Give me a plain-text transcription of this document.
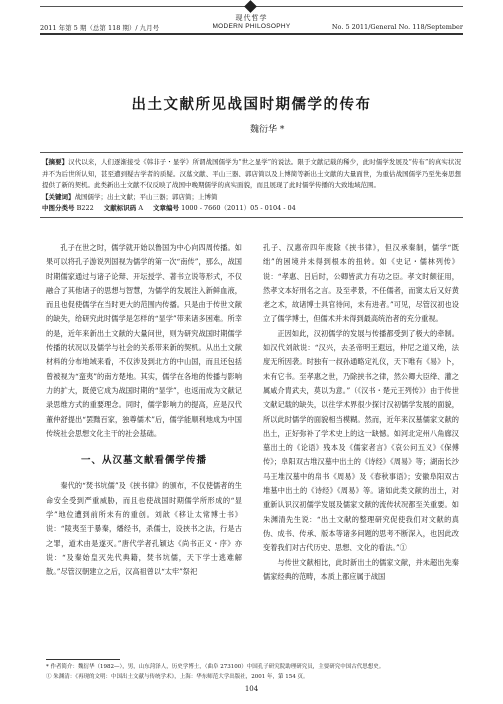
现代哲学
2011 年第 5 期（总第 118 期）/ 九月号	MODERN PHILOSOPHY	No. 5 2011/General No. 118/September
出土文献所见战国时期儒学的传布
魏衍华 *

【摘要】汉代以来，人们逐渐接受《韩非子・显学》所谓战国儒学为“世之显学”的说法。限于文献记载的稀少，此时儒学发展及“传布”的真实状况并不为后世所认知，甚至遭到疑古学者的质疑。汉墓文献、平山三器、郭店简以及上博简等新出土文献的大量面世，为重估战国儒学乃至先秦思想提供了新的契机。此类新出土文献不仅反映了战国中晚期儒学的真实面貌，而且展现了此时儒学传播的大致地域范围。

【关键词】战国儒学；出土文献；平山三器；郭店简；上博简

中图分类号 B222 文献标识码 A 文章编号 1000 - 7660（2011）05 - 0104 - 04

孔子在世之时，儒学就开始以鲁国为中心向四周传播。如果可以将孔子游说列国视为儒学的第一次“南传”，那么，战国时期儒家通过与诸子论辩、开坛授学、著书立说等形式，不仅融合了其他诸子的思想与智慧，为儒学的发展注入新鲜血液，而且也促使儒学在当时更大的范围内传播。只是由于传世文献的缺失，给研究此时儒学是怎样的“显学”带来诸多困难。所幸的是，近年来新出土文献的大量问世，则为研究战国时期儒学传播的状况以及儒学与社会的关系带来新的契机。从出土文献材料的分布地域来看，不仅涉及到北方的中山国，而且还包括曾被视为“蛮夷”的南方楚地。其实，儒学在各地的传播与影响力的扩大，既使它成为战国时期的“显学”，也返而成为文献记录思维方式的重要理念。同时，儒学影响力的提高，应是汉代董仲舒提出“罢黜百家，独尊儒术”后，儒学能顺利地成为中国传统社会思想文化主干的社会基础。

一、从汉墓文献看儒学传播

秦代的“焚书坑儒”及《挟书律》的颁布，不仅使儒者的生命安全受到严重威胁，而且也使战国时期儒学所形成的“显学”地位遭到前所未有的重创。刘歆《移让太常博士书》说：“陵夷至于暴秦，燔经书，杀儒士，设挟书之法，行是古之罪，道术由是遂灭。”唐代学者孔颖达《尚书正义・序》亦说：“及秦始皇灭先代典籍，焚书坑儒，天下学士逃难解散。”尽管汉朝建立之后，汉高祖曾以“太牢”祭祀

孔子、汉惠帝四年废除《挟书律》，但汉承秦制，儒学“既绌”的困境并未得到根本的扭转。如《史记・儒林列传》说：“孝惠、吕后时，公卿皆武力有功之臣。孝文时颇征用，然孝文本好刑名之言。及至孝景，不任儒者，而窦太后又好黄老之术，故诸博士具官待问，未有进者。”可见，尽管汉初也设立了儒学博士，但儒术并未得到最高统治者的充分重视。

正因如此，汉初儒学的发展与传播都受到了极大的牵制。如汉代刘歆说：“汉兴，去圣帝明王遐远，仲尼之道又绝，法度无所因袭。时独有一叔孙通略定礼仪，天下唯有《易》卜，未有它书。至孝惠之世，乃除挟书之律，然公卿大臣绛、灌之属咸介胄武夫，莫以为意。”（《汉书・楚元王列传》）由于传世文献记载的缺失，以往学术界很少探讨汉初儒学发展的面貌，所以此时儒学的面貌相当模糊。然而，近年来汉墓儒家文献的出土，正好弥补了学术史上的这一缺憾。如河北定州八角廊汉墓出土的《论语》残本及《儒家者言》《哀公问五义》《保傅传》；阜阳双古堆汉墓中出土的《诗经》《周易》等；湖南长沙马王堆汉墓中的帛书《周易》及《春秋事语》；安徽阜阳双古堆墓中出土的《诗经》《周易》等。诸如此类文献的出土，对重新认识汉初儒学发展及儒家文献的流传状况都至关重要。如朱渊清先生说：“出土文献的整理研究促使我们对文献的真伪、成书、传承、版本等诸多问题的思考不断深入，也因此改变着我们对古代历史、思想、文化的看法。”①

与传世文献相比，此时新出土的儒家文献，并未超出先秦儒家经典的范畴，本质上都应属于战国

* 作者简介：魏衍华（1982—），男，山东菏泽人，历史学博士，（曲阜 273100）中国孔子研究院助理研究员，主要研究中国古代思想史。

① 朱渊清：《再现的文明：中国出土文献与传统学术》，上海：华东师范大学出版社，2001 年，第 154 页。

104
